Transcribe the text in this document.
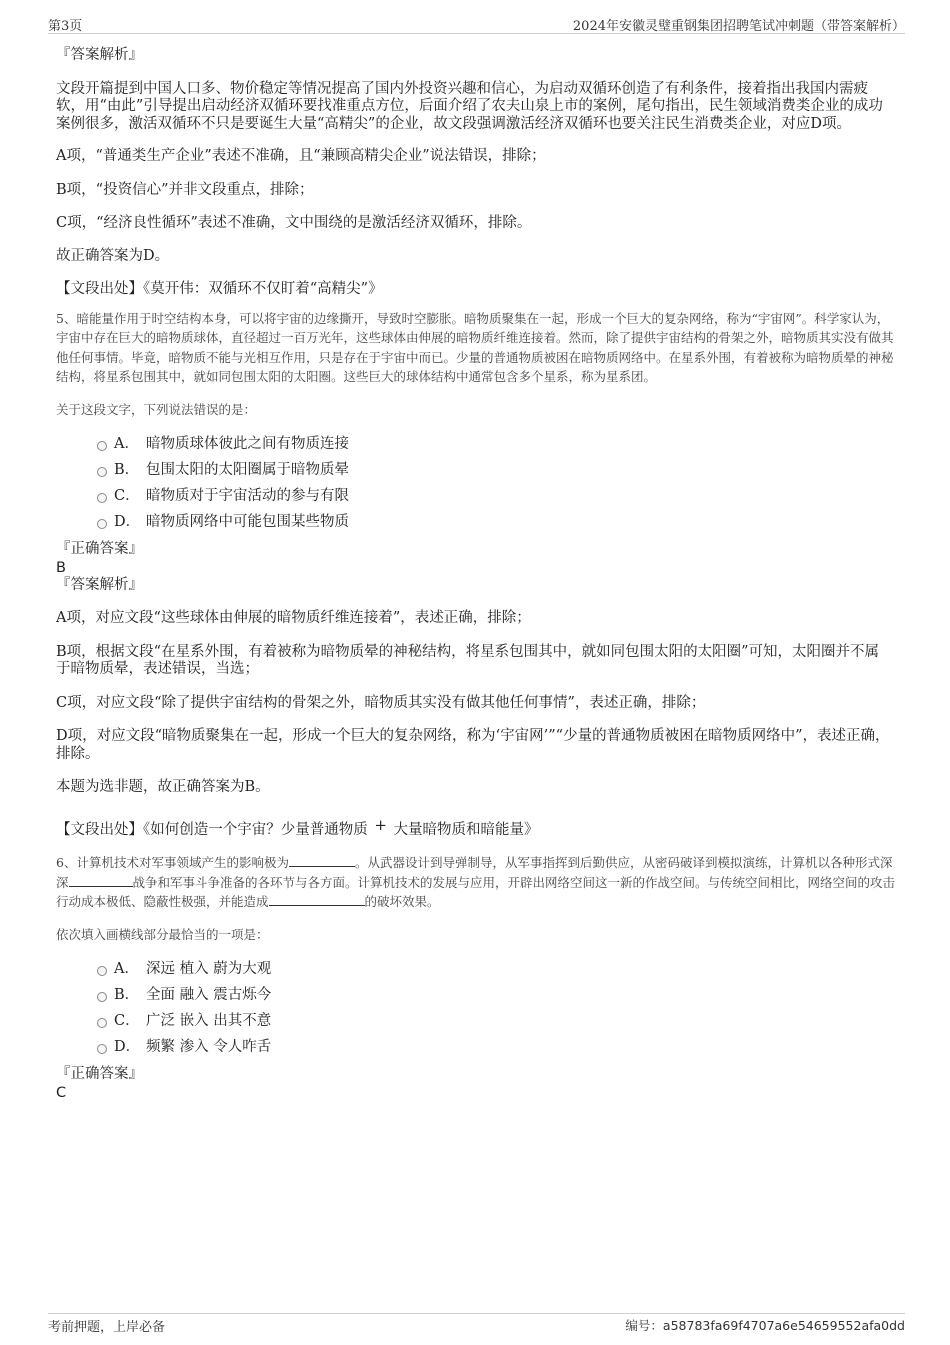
第3页	2024年安徽灵璧重钢集团招聘笔试冲刺题（带答案解析）
『答案解析』
文段开篇提到中国人口多、物价稳定等情况提高了国内外投资兴趣和信心，为启动双循环创造了有利条件，接着指出我国内需疲软，用“由此”引导提出启动经济双循环要找准重点方位，后面介绍了农夫山泉上市的案例，尾句指出，民生领域消费类企业的成功案例很多，激活双循环不只是要诞生大量“高精尖”的企业，故文段强调激活经济双循环也要关注民生消费类企业，对应D项。
A项，“普通类生产企业”表述不准确，且“兼顾高精尖企业”说法错误，排除；
B项，“投资信心”并非文段重点，排除；
C项，“经济良性循环”表述不准确，文中围绕的是激活经济双循环，排除。
故正确答案为D。
【文段出处】《莫开伟：双循环不仅盯着“高精尖”》
5、暗能量作用于时空结构本身，可以将宇宙的边缘撕开，导致时空膨胀。暗物质聚集在一起，形成一个巨大的复杂网络，称为“宇宙网”。科学家认为，宇宙中存在巨大的暗物质球体，直径超过一百万光年，这些球体由伸展的暗物质纤维连接着。然而，除了提供宇宙结构的骨架之外，暗物质其实没有做其他任何事情。毕竟，暗物质不能与光相互作用，只是存在于宇宙中而已。少量的普通物质被困在暗物质网络中。在星系外围，有着被称为暗物质晕的神秘结构，将星系包围其中，就如同包围太阳的太阳圈。这些巨大的球体结构中通常包含多个星系，称为星系团。
关于这段文字，下列说法错误的是：
A． 暗物质球体彼此之间有物质连接
B． 包围太阳的太阳圈属于暗物质晕
C． 暗物质对于宇宙活动的参与有限
D． 暗物质网络中可能包围某些物质
『正确答案』
B
『答案解析』
A项，对应文段“这些球体由伸展的暗物质纤维连接着”，表述正确，排除；
B项，根据文段“在星系外围，有着被称为暗物质晕的神秘结构，将星系包围其中，就如同包围太阳的太阳圈”可知，太阳圈并不属于暗物质晕，表述错误，当选；
C项，对应文段“除了提供宇宙结构的骨架之外，暗物质其实没有做其他任何事情”，表述正确，排除；
D项，对应文段“暗物质聚集在一起，形成一个巨大的复杂网络，称为‘宇宙网’”“少量的普通物质被困在暗物质网络中”，表述正确，排除。
本题为选非题，故正确答案为B。
【文段出处】《如何创造一个宇宙？少量普通物质 + 大量暗物质和暗能量》
6、计算机技术对军事领域产生的影响极为	。从武器设计到导弹制导，从军事指挥到后勤供应，从密码破译到模拟演练，计算机以各种形式深深	战争和军事斗争准备的各环节与各方面。计算机技术的发展与应用，开辟出网络空间这一新的作战空间。与传统空间相比，网络空间的攻击行动成本极低、隐蔽性极强，并能造成	的破坏效果。
依次填入画横线部分最恰当的一项是：
A． 深远 植入 蔚为大观
B． 全面 融入 震古烁今
C． 广泛 嵌入 出其不意
D． 频繁 渗入 令人咋舌
『正确答案』
C
考前押题，上岸必备	编号：a58783fa69f4707a6e54659552afa0dd
